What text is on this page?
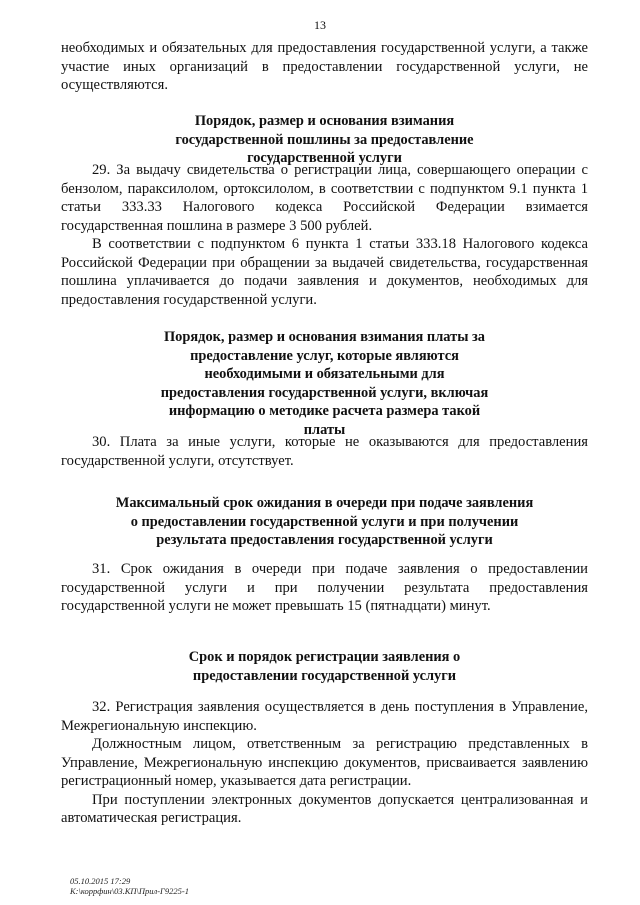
13

необходимых и обязательных для предоставления государственной услуги, а также участие иных организаций в предоставлении государственной услуги, не осуществляются.

Порядок, размер и основания взимания государственной пошлины за предоставление государственной услуги

29. За выдачу свидетельства о регистрации лица, совершающего операции с бензолом, параксилолом, ортоксилолом, в соответствии с подпунктом 9.1 пункта 1 статьи 333.33 Налогового кодекса Российской Федерации взимается государственная пошлина в размере 3 500 рублей.

В соответствии с подпунктом 6 пункта 1 статьи 333.18 Налогового кодекса Российской Федерации при обращении за выдачей свидетельства, государственная пошлина уплачивается до подачи заявления и документов, необходимых для предоставления государственной услуги.

Порядок, размер и основания взимания платы за предоставление услуг, которые являются необходимыми и обязательными для предоставления государственной услуги, включая информацию о методике расчета размера такой платы

30. Плата за иные услуги, которые не оказываются для предоставления государственной услуги, отсутствует.

Максимальный срок ожидания в очереди при подаче заявления о предоставлении государственной услуги и при получении результата предоставления государственной услуги

31. Срок ожидания в очереди при подаче заявления о предоставлении государственной услуги и при получении результата предоставления государственной услуги не может превышать 15 (пятнадцати) минут.

Срок и порядок регистрации заявления о предоставлении государственной услуги

32. Регистрация заявления осуществляется в день поступления в Управление, Межрегиональную инспекцию.

Должностным лицом, ответственным за регистрацию представленных в Управление, Межрегиональную инспекцию документов, присваивается заявлению регистрационный номер, указывается дата регистрации.

При поступлении электронных документов допускается централизованная и автоматическая регистрация.

05.10.2015 17:29
К:\коррфин\03.КП\Прил-Г9225-1
